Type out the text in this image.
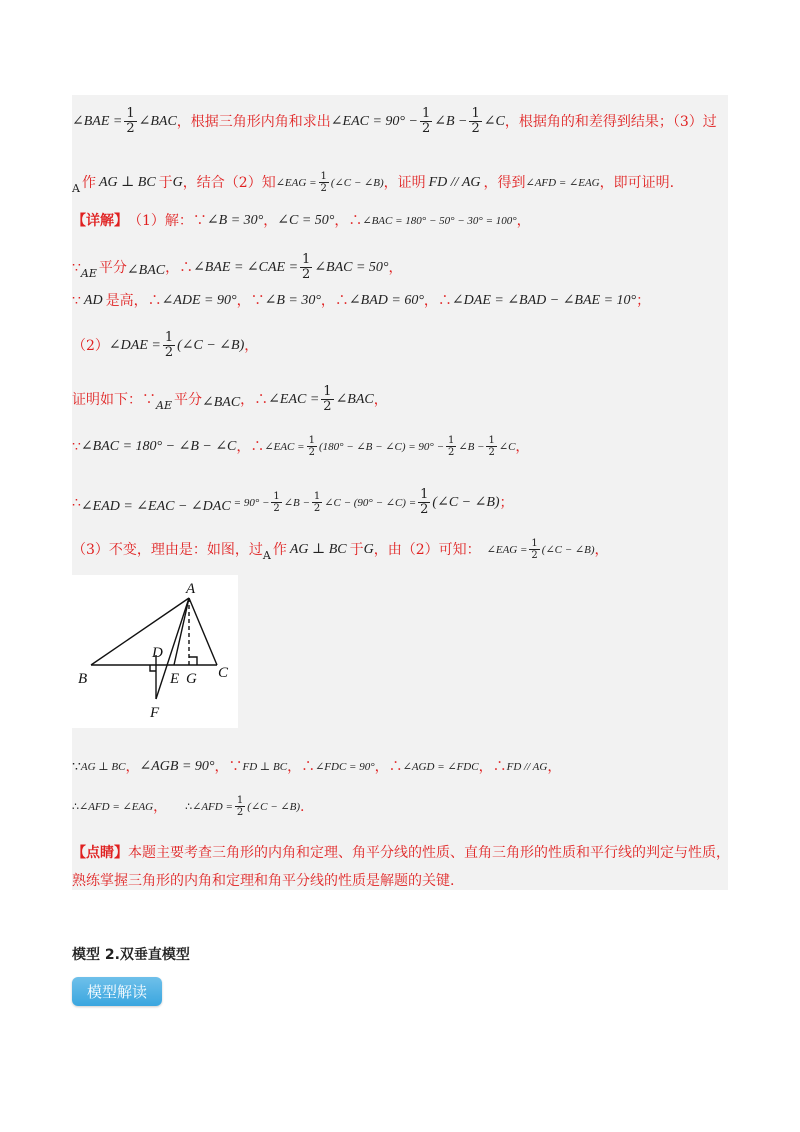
∠BAE = $\frac{1}{2}$ ∠BAC ，根据三角形内角和求出 ∠EAC = $90^\circ - \frac{1}{2}$ ∠B − $\frac{1}{2}$ ∠C ，根据角的和差得到结果；（3）过
A 作 AG ⊥ BC 于 G ，结合（2）知 ∠EAG = $\frac{1}{2}$ (∠C − ∠B) ，证明 FD // AG ，得到 ∠AFD = ∠EAG ，即可证明.
【详解】 （1）解：∵ ∠B = 30° ， ∠C = 50° ，∴ ∠BAC = 180° − 50° − 30° = 100° ，
∵ AE 平分 ∠BAC ，∴ ∠BAE = ∠CAE = $\frac{1}{2}$ ∠BAC = 50° ，
∵ AD 是高，∴ ∠ADE = 90° ，∵ ∠B = 30° ，∴ ∠BAD = 60° ，∴ ∠DAE = ∠BAD − ∠BAE = 10° ；
（2） ∠DAE = $\frac{1}{2}$ (∠C − ∠B) ，
证明如下：∵ AE 平分 ∠BAC ，∴ ∠EAC = $\frac{1}{2}$ ∠BAC ，
∵ ∠BAC = 180° − ∠B − ∠C ，∴ ∠EAC = $\frac{1}{2} (180^\circ$ − ∠B − ∠C) = $90^\circ - \frac{1}{2}$ ∠B − $\frac{1}{2}$ ∠C ，
∴ ∠EAD = ∠EAC − ∠DAC = $90^\circ - \frac{1}{2}$ ∠B − $\frac{1}{2}$ ∠C − (90° − ∠C) = $\frac{1}{2}$ (∠C − ∠B) ；
（3）不变，理由是：如图，过 A 作 AG ⊥ BC 于 G ，由（2）可知： ∠EAG = $\frac{1}{2}$ (∠C − ∠B) ，
A
B	C
D
E G
F
∵ AG ⊥ BC ， ∠AGB = 90° ，∵ FD ⊥ BC ，∴ ∠FDC = 90° ，∴ ∠AGD = ∠FDC ，∴ FD // AG ，
∴ ∠AFD = ∠EAG ， ∴ ∠AFD = $\frac{1}{2}$ (∠C − ∠B) .
【点睛】 本题主要考查三角形的内角和定理、角平分线的性质、直角三角形的性质和平行线的判定与性质，
熟练掌握三角形的内角和定理和角平分线的性质是解题的关键.
模型 2.双垂直模型
模型解读
